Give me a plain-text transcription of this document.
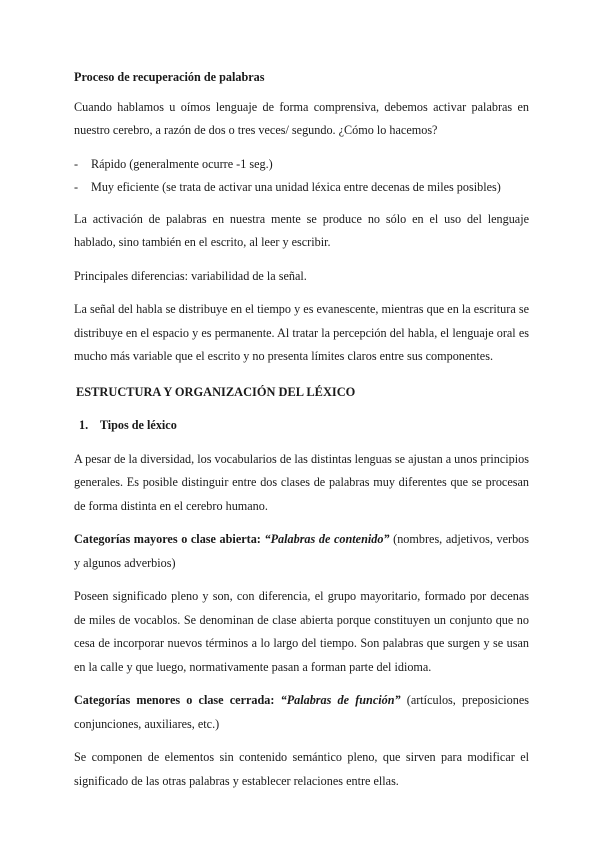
Proceso de recuperación de palabras

Cuando hablamos u oímos lenguaje de forma comprensiva, debemos activar palabras en nuestro cerebro, a razón de dos o tres veces/ segundo. ¿Cómo lo hacemos?

- Rápido (generalmente ocurre -1 seg.)
- Muy eficiente (se trata de activar una unidad léxica entre decenas de miles posibles)

La activación de palabras en nuestra mente se produce no sólo en el uso del lenguaje hablado, sino también en el escrito, al leer y escribir.

Principales diferencias: variabilidad de la señal.

La señal del habla se distribuye en el tiempo y es evanescente, mientras que en la escritura se distribuye en el espacio y es permanente. Al tratar la percepción del habla, el lenguaje oral es mucho más variable que el escrito y no presenta límites claros entre sus componentes.

ESTRUCTURA Y ORGANIZACIÓN DEL LÉXICO

1. Tipos de léxico

A pesar de la diversidad, los vocabularios de las distintas lenguas se ajustan a unos principios generales. Es posible distinguir entre dos clases de palabras muy diferentes que se procesan de forma distinta en el cerebro humano.

Categorías mayores o clase abierta: “Palabras de contenido” (nombres, adjetivos, verbos y algunos adverbios)

Poseen significado pleno y son, con diferencia, el grupo mayoritario, formado por decenas de miles de vocablos. Se denominan de clase abierta porque constituyen un conjunto que no cesa de incorporar nuevos términos a lo largo del tiempo. Son palabras que surgen y se usan en la calle y que luego, normativamente pasan a forman parte del idioma.

Categorías menores o clase cerrada: “Palabras de función” (artículos, preposiciones conjunciones, auxiliares, etc.)

Se componen de elementos sin contenido semántico pleno, que sirven para modificar el significado de las otras palabras y establecer relaciones entre ellas.
